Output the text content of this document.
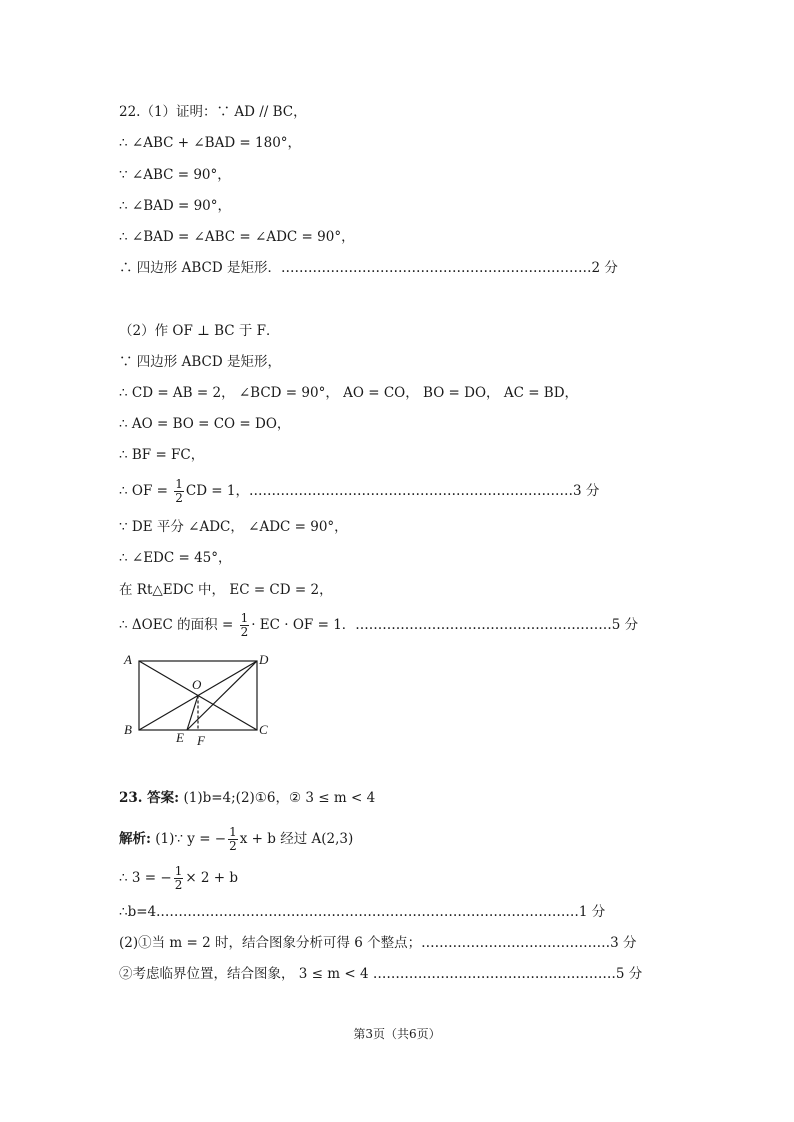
22.（1）证明：∵ AD // BC，
∴ ∠ABC + ∠BAD = 180°，
∵ ∠ABC = 90°，
∴ ∠BAD = 90°，
∴ ∠BAD = ∠ABC = ∠ADC = 90°，
∴ 四边形 ABCD 是矩形．……………………………………………………………2 分
（2）作 OF ⊥ BC 于 F．
∵ 四边形 ABCD 是矩形，
∴ CD = AB = 2， ∠BCD = 90°， AO = CO， BO = DO， AC = BD，
∴ AO = BO = CO = DO，
∴ BF = FC，
∴ OF = $\frac{1}{2}$ CD = 1，………………………………………………………………3 分
∵ DE 平分 ∠ADC， ∠ADC = 90°，
∴ ∠EDC = 45°，
在 Rt△EDC 中， EC = CD = 2，
∴ ΔOEC 的面积 = $\frac{1}{2}$ · EC · OF = 1．…………………………………………………5 分
A	D
O
B	C
E F
23. 答案: (1)b=4;(2)①6，② 3 ≤ m < 4
解析: (1)∵ y = − $\frac{1}{2}$ x + b 经过 A(2,3)
∴ 3 = − $\frac{1}{2} \times 2 + b$
∴b=4.…………………………………………………………………………………1 分
(2)①当 m = 2 时，结合图象分析可得 6 个整点；……………………………………3 分
②考虑临界位置，结合图象， 3 ≤ m < 4 ………………………………………………5 分
第3页（共6页）
